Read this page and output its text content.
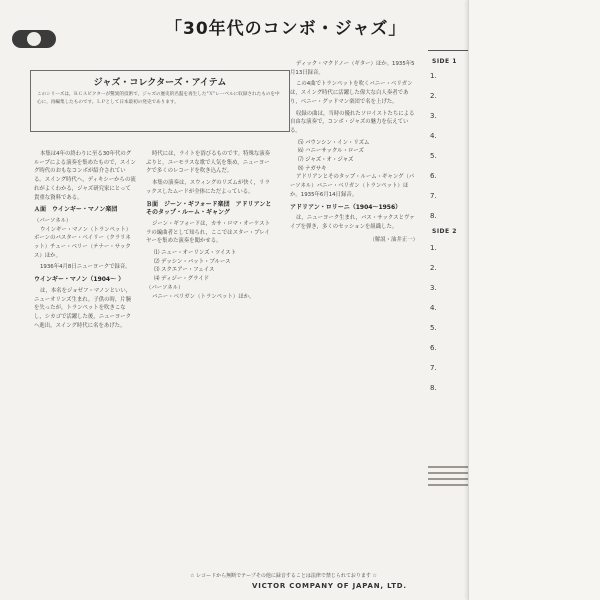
「30年代のコンボ・ジャズ」
ジャズ・コレクターズ・アイテム
このシリーズは，ＲＣＡビクターが驚異的技術で，ジャズの歴史的名盤を再生した"Ｘ"レーベルに収録されたものを中心に，再編集したものです。ＬＰとして日本最初の発売であります。

本集は4年の終わりに至る30年代のグループによる演奏を集めたもので，スイング時代のおもなコンボが紹介されている。スイング時代へ，ディキシーからの流れがよくわかる，ジャズ研究家にとって貴重な資料である。

Ａ面　ウインギー・マノン楽団
（パーソネル）

ウインギー・マノン（トランペット）ボーンのバスター・ベイリー（クラリネット）チュー・ベリー（テナー・サックス）ほか。

1936年4月8日ニューヨークで録音。

ウインギー・マノン（1904〜 ）

は，本名をジョゼフ・マノンといい，ニューオリンズ生まれ。子供の時，片腕を失ったが，トランペットを吹きこなし，シカゴで活躍した後，ニューヨークへ進出，スイング時代に名をあげた。

時代には，ライトを浴びるものです。特殊な演奏ぶりと，ユーモラスな歌で人気を集め，ニューヨークで多くのレコードを吹き込んだ。

本集の演奏は，スウィングのリズムが快く，リラックスしたムードが全体にただよっている。

Ｂ面　ジーン・ギフォード楽団　アドリアンとそのタップ・ルーム・ギャング

ジーン・ギフォードは，カサ・ロマ・オーケストラの編曲者として知られ，ここではスター・プレイヤーを集めた演奏を聞かせる。

⑴ ニュー・オーリンズ・ツイスト
⑵ デッシン・バット・ブルース
⑶ スクエアー・フェイス
⑷ ディジー・グライド
（パーソネル）

バニー・ベリガン（トランペット）ほか。

ディック・マクドノー（ギター）ほか。1935年5月13日録音。

この4曲でトランペットを吹くバニー・ベリガンは，スイング時代に活躍した偉大な白人奏者であり，ベニー・グッドマン楽団で名を上げた。

収録の曲は，当時の優れたソロイストたちによる自由な演奏で，コンボ・ジャズの魅力を伝えている。

⑸ バウンシン・イン・リズム
⑹ ハニーサックル・ローズ
⑺ ジャズ・オ・ジャズ
⑻ ナガサキ

アドリアンとそのタップ・ルーム・ギャング（パーソネル）バニー・ベリガン（トランペット）ほか。1935年6月14日録音。

アドリアン・ロリーニ（1904〜1956）

は，ニューヨーク生まれ，バス・サックスとヴァイブを弾き，多くのセッションを組織した。

（解説・油井正一）
☆ レコードから無断でテープその他に録音することは法律で禁じられております ☆
VICTOR COMPANY OF JAPAN, LTD.
SIDE 1
1.
2.
3.
4.
5.
6.
7.
8.
SIDE 2
1.
2.
3.
4.
5.
6.
7.
8.
